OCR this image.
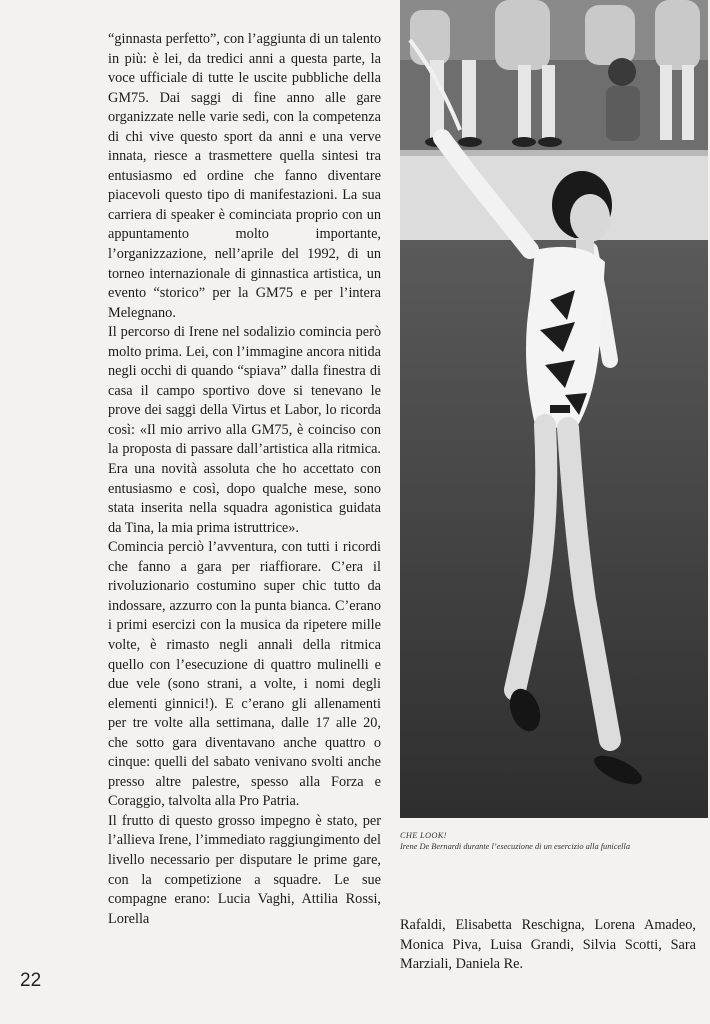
“ginnasta perfetto”, con l’aggiunta di un talento in più: è lei, da tredici anni a questa parte, la voce ufficiale di tutte le uscite pubbliche della GM75. Dai saggi di fine anno alle gare organizzate nelle varie sedi, con la competenza di chi vive questo sport da anni e una verve innata, riesce a trasmettere quella sintesi tra entusiasmo ed ordine che fanno diventare piacevoli questo tipo di manifestazioni. La sua carriera di speaker è cominciata proprio con un appuntamento molto importante, l’organizzazione, nell’aprile del 1992, di un torneo internazionale di ginnastica artistica, un evento “storico” per la GM75 e per l’intera Melegnano.

Il percorso di Irene nel sodalizio comincia però molto prima. Lei, con l’immagine ancora nitida negli occhi di quando “spiava” dalla finestra di casa il campo sportivo dove si tenevano le prove dei saggi della Virtus et Labor, lo ricorda così: «Il mio arrivo alla GM75, è coinciso con la proposta di passare dall’artistica alla ritmica. Era una novità assoluta che ho accettato con entusiasmo e così, dopo qualche mese, sono stata inserita nella squadra agonistica guidata da Tina, la mia prima istruttrice».

Comincia perciò l’avventura, con tutti i ricordi che fanno a gara per riaffiorare. C’era il rivoluzionario costumino super chic tutto da indossare, azzurro con la punta bianca. C’erano i primi esercizi con la musica da ripetere mille volte, è rimasto negli annali della ritmica quello con l’esecuzione di quattro mulinelli e due vele (sono strani, a volte, i nomi degli elementi ginnici!). E c’erano gli allenamenti per tre volte alla settimana, dalle 17 alle 20, che sotto gara diventavano anche quattro o cinque: quelli del sabato venivano svolti anche presso altre palestre, spesso alla Forza e Coraggio, talvolta alla Pro Patria.

Il frutto di questo grosso impegno è stato, per l’allieva Irene, l’immediato raggiungimento del livello necessario per disputare le prime gare, con la competizione a squadre. Le sue compagne erano: Lucia Vaghi, Attilia Rossi, Lorella

CHE LOOK!
Irene De Bernardi durante l’esecuzione di un esercizio alla funicella

Rafaldi, Elisabetta Reschigna, Lorena Amadeo, Monica Piva, Luisa Grandi, Silvia Scotti, Sara Marziali, Daniela Re.

22
